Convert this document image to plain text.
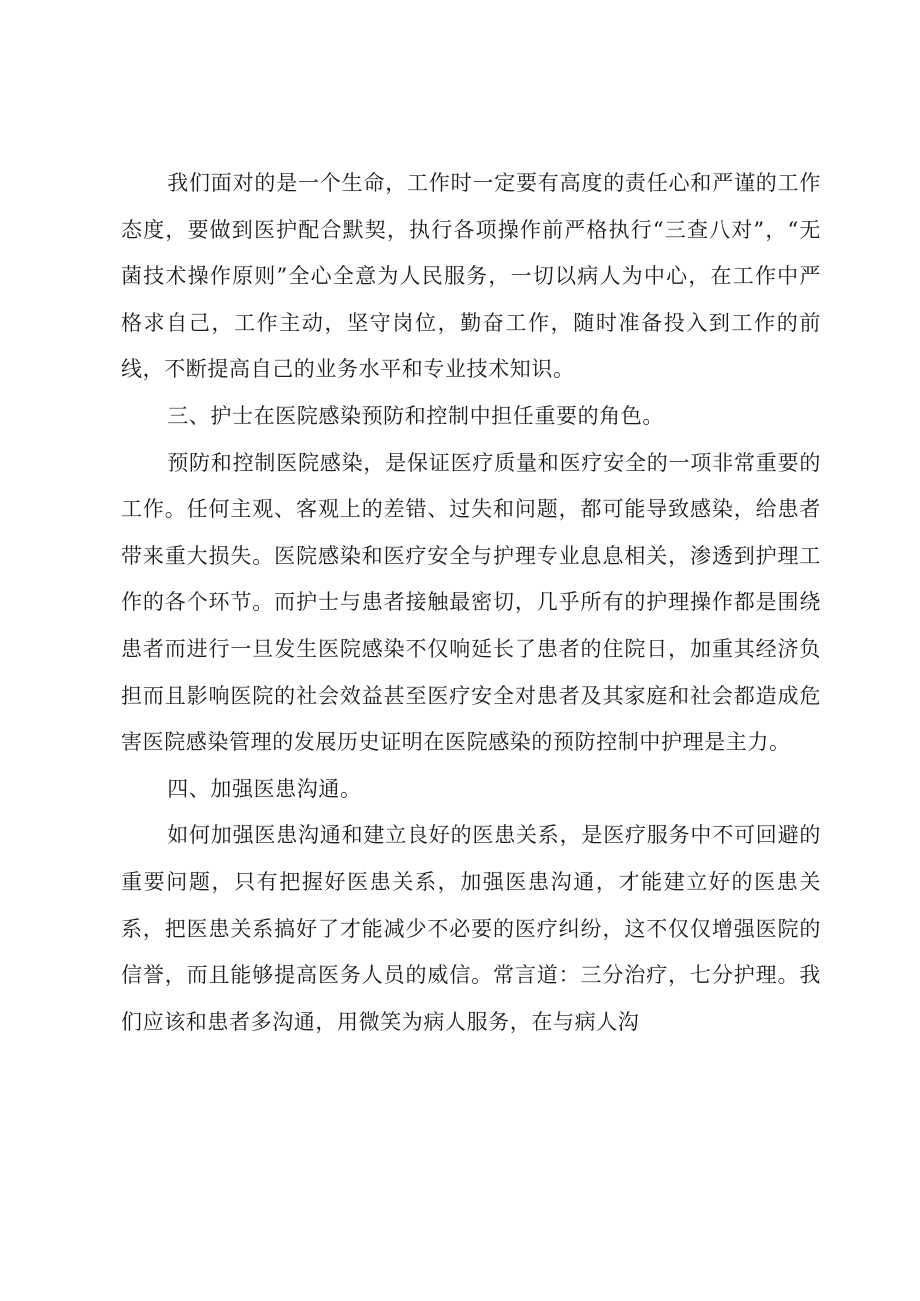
我们面对的是一个生命，工作时一定要有高度的责任心和严谨的工作态度，要做到医护配合默契，执行各项操作前严格执行“三查八对”，“无菌技术操作原则”全心全意为人民服务，一切以病人为中心，在工作中严格求自己，工作主动，坚守岗位，勤奋工作，随时准备投入到工作的前线，不断提高自己的业务水平和专业技术知识。

三、护士在医院感染预防和控制中担任重要的角色。

预防和控制医院感染，是保证医疗质量和医疗安全的一项非常重要的工作。任何主观、客观上的差错、过失和问题，都可能导致感染，给患者带来重大损失。医院感染和医疗安全与护理专业息息相关，渗透到护理工作的各个环节。而护士与患者接触最密切，几乎所有的护理操作都是围绕患者而进行一旦发生医院感染不仅响延长了患者的住院日，加重其经济负担而且影响医院的社会效益甚至医疗安全对患者及其家庭和社会都造成危害医院感染管理的发展历史证明在医院感染的预防控制中护理是主力。

四、加强医患沟通。

如何加强医患沟通和建立良好的医患关系，是医疗服务中不可回避的重要问题，只有把握好医患关系，加强医患沟通，才能建立好的医患关系，把医患关系搞好了才能减少不必要的医疗纠纷，这不仅仅增强医院的信誉，而且能够提高医务人员的威信。常言道：三分治疗，七分护理。我们应该和患者多沟通，用微笑为病人服务，在与病人沟
